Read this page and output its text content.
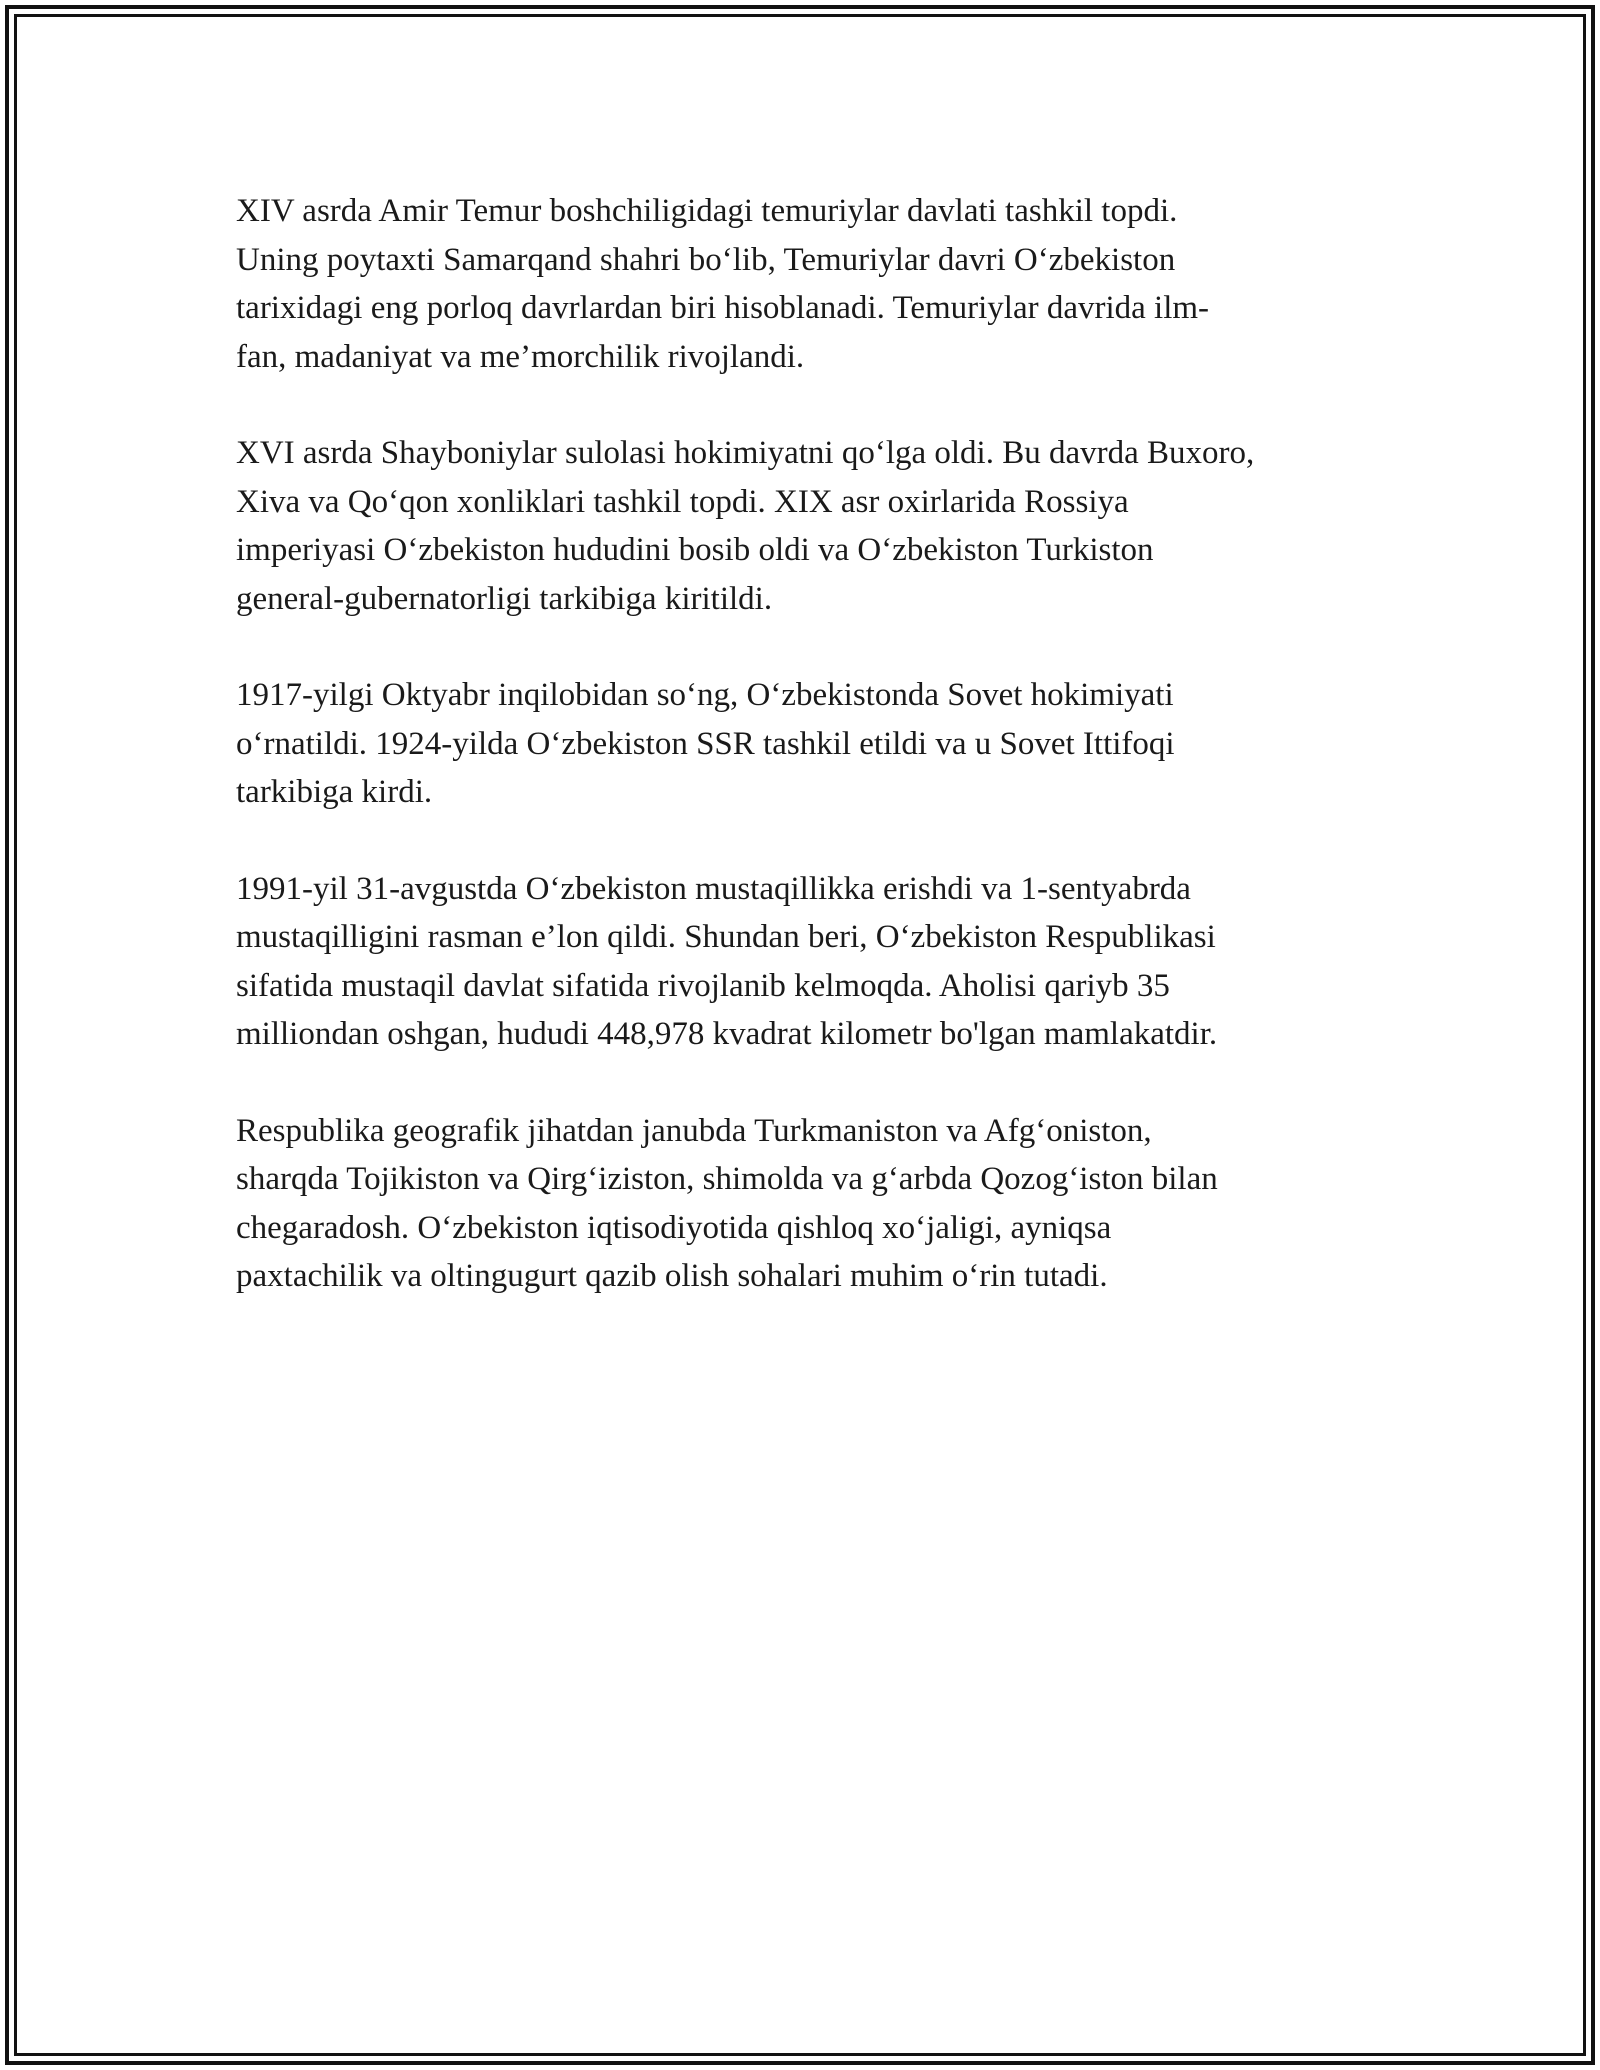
XIV asrda Amir Temur boshchiligidagi temuriylar davlati tashkil topdi.
Uning poytaxti Samarqand shahri bo‘lib, Temuriylar davri O‘zbekiston
tarixidagi eng porloq davrlardan biri hisoblanadi. Temuriylar davrida ilm-
fan, madaniyat va me’morchilik rivojlandi.

XVI asrda Shayboniylar sulolasi hokimiyatni qo‘lga oldi. Bu davrda Buxoro,
Xiva va Qo‘qon xonliklari tashkil topdi. XIX asr oxirlarida Rossiya
imperiyasi O‘zbekiston hududini bosib oldi va O‘zbekiston Turkiston
general-gubernatorligi tarkibiga kiritildi.

1917-yilgi Oktyabr inqilobidan so‘ng, O‘zbekistonda Sovet hokimiyati
o‘rnatildi. 1924-yilda O‘zbekiston SSR tashkil etildi va u Sovet Ittifoqi
tarkibiga kirdi.

1991-yil 31-avgustda O‘zbekiston mustaqillikka erishdi va 1-sentyabrda
mustaqilligini rasman e’lon qildi. Shundan beri, O‘zbekiston Respublikasi
sifatida mustaqil davlat sifatida rivojlanib kelmoqda. Aholisi qariyb 35
milliondan oshgan, hududi 448,978 kvadrat kilometr bo'lgan mamlakatdir.

Respublika geografik jihatdan janubda Turkmaniston va Afg‘oniston,
sharqda Tojikiston va Qirg‘iziston, shimolda va g‘arbda Qozog‘iston bilan
chegaradosh. O‘zbekiston iqtisodiyotida qishloq xo‘jaligi, ayniqsa
paxtachilik va oltingugurt qazib olish sohalari muhim o‘rin tutadi.
